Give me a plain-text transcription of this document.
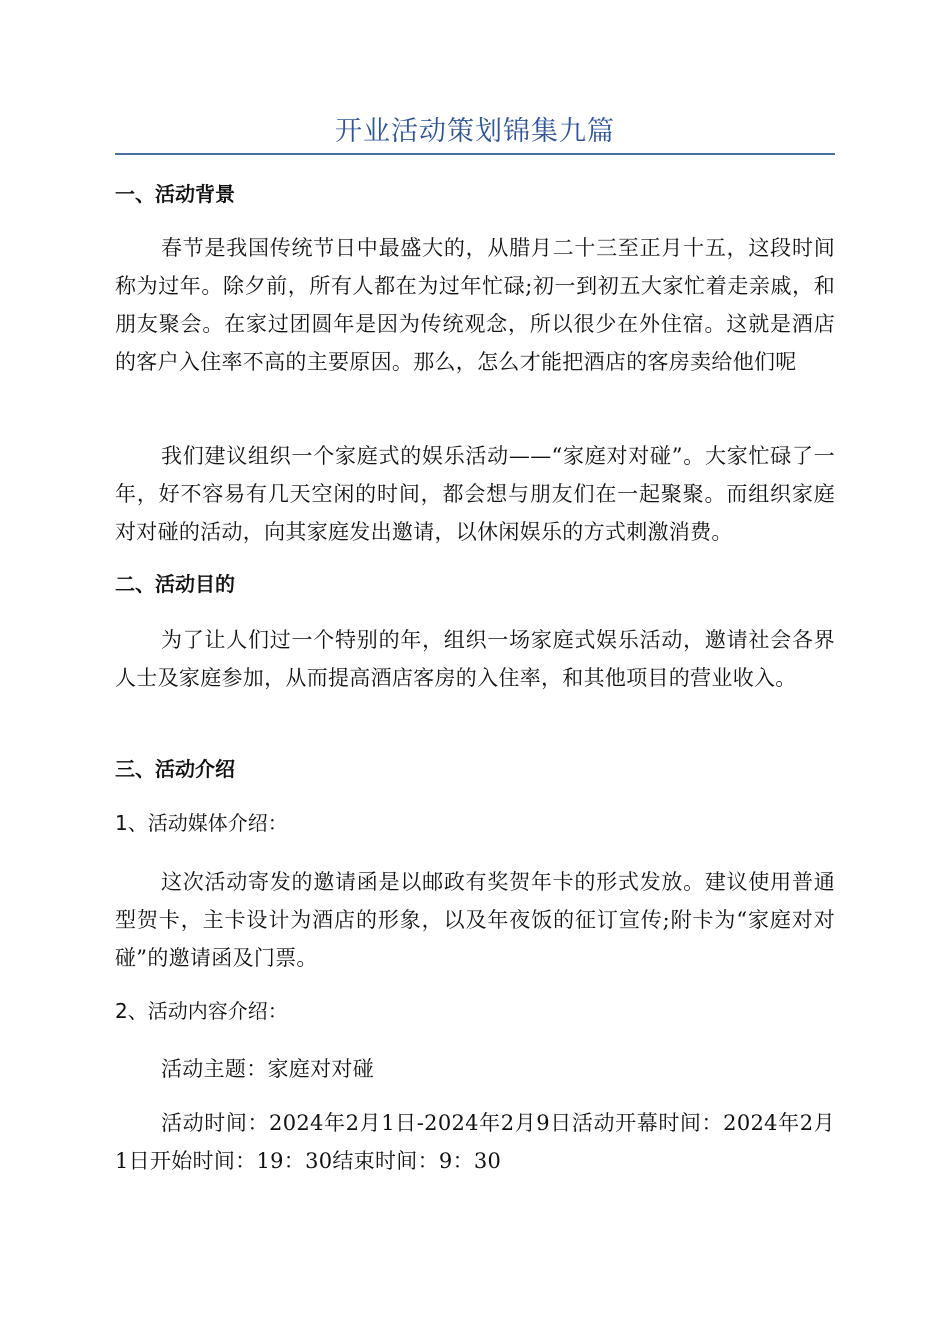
开业活动策划锦集九篇
一、活动背景

春节是我国传统节日中最盛大的，从腊月二十三至正月十五，这段时间称为过年。除夕前，所有人都在为过年忙碌;初一到初五大家忙着走亲戚，和朋友聚会。在家过团圆年是因为传统观念，所以很少在外住宿。这就是酒店的客户入住率不高的主要原因。那么，怎么才能把酒店的客房卖给他们呢

我们建议组织一个家庭式的娱乐活动——“家庭对对碰”。大家忙碌了一年，好不容易有几天空闲的时间，都会想与朋友们在一起聚聚。而组织家庭对对碰的活动，向其家庭发出邀请，以休闲娱乐的方式刺激消费。

二、活动目的

为了让人们过一个特别的年，组织一场家庭式娱乐活动，邀请社会各界人士及家庭参加，从而提高酒店客房的入住率，和其他项目的营业收入。

三、活动介绍
1、活动媒体介绍：

这次活动寄发的邀请函是以邮政有奖贺年卡的形式发放。建议使用普通型贺卡，主卡设计为酒店的形象，以及年夜饭的征订宣传;附卡为“家庭对对碰”的邀请函及门票。

2、活动内容介绍：

活动主题：家庭对对碰

活动时间：2024年2月1日-2024年2月9日活动开幕时间：2024年2月1日开始时间：19：30结束时间：9：30
